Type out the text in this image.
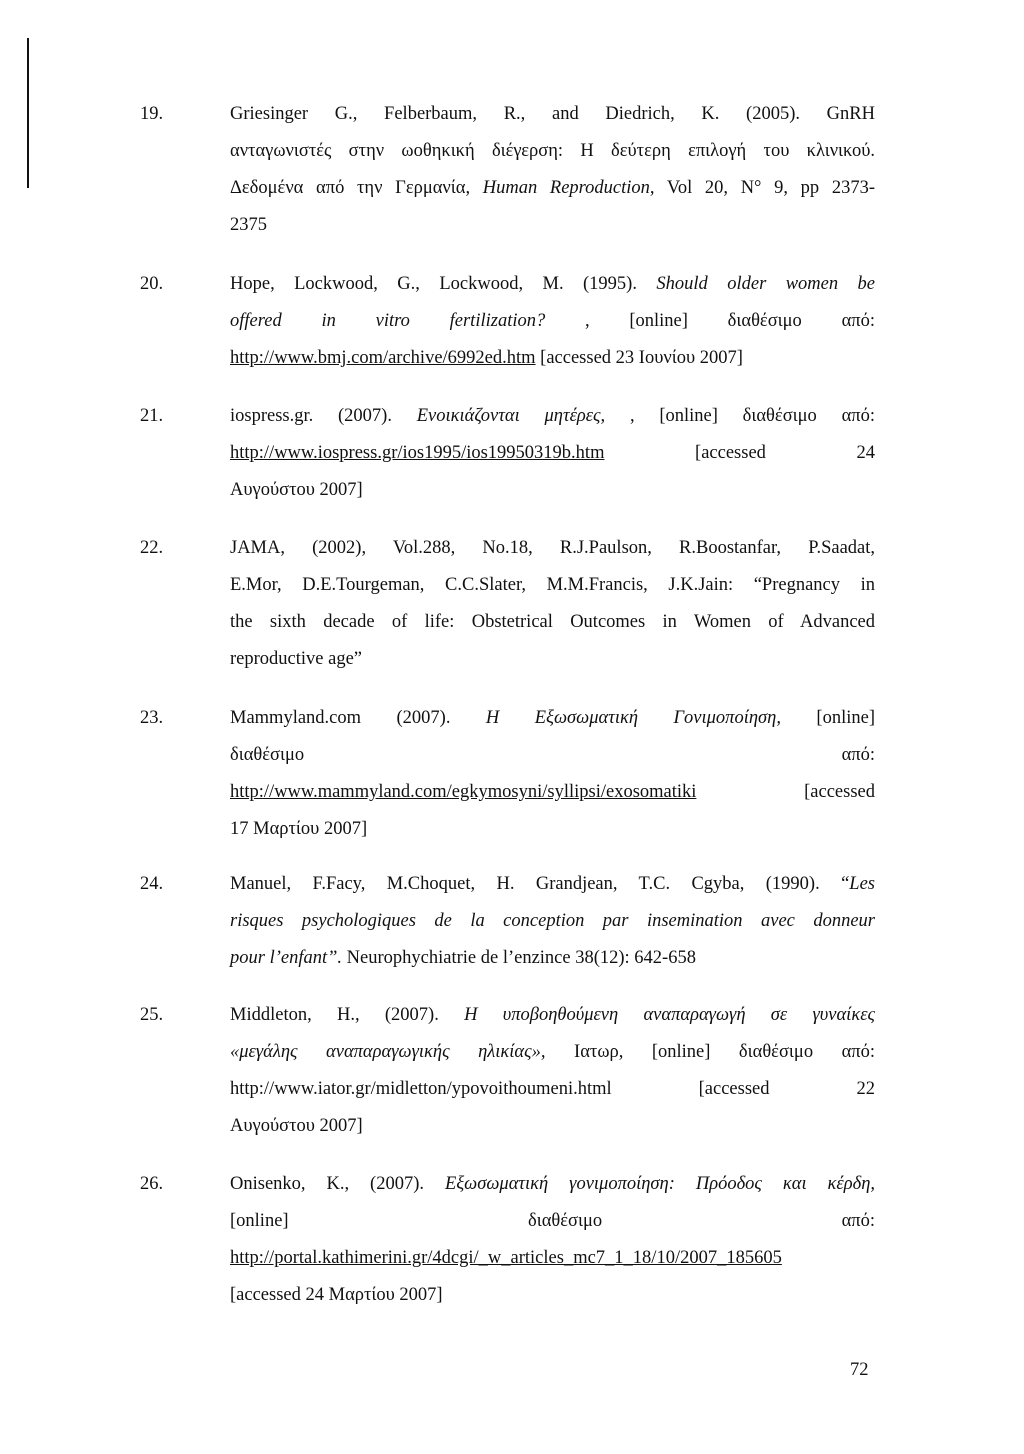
19.	Griesinger G., Felberbaum, R., and Diedrich, K. (2005). GnRH
ανταγωνιστές στην ωοθηκική διέγερση: Η δεύτερη επιλογή του κλινικού.
Δεδομένα από την Γερμανία, Human Reproduction, Vol 20, N° 9, pp 2373-
2375
20.	Hope, Lockwood, G., Lockwood, M. (1995). Should older women be
offered in vitro fertilization? , [online] διαθέσιμο από:
http://www.bmj.com/archive/6992ed.htm [accessed 23 Ιουνίου 2007]
21.	iospress.gr. (2007). Ενοικιάζονται μητέρες, , [online] διαθέσιμο από:
http://www.iospress.gr/ios1995/ios19950319b.htm [accessed 24
Αυγούστου 2007]
22.	JAMA, (2002), Vol.288, No.18, R.J.Paulson, R.Boostanfar, P.Saadat,
E.Mor, D.E.Tourgeman, C.C.Slater, M.M.Francis, J.K.Jain: “Pregnancy in
the sixth decade of life: Obstetrical Outcomes in Women of Advanced
reproductive age”
23.	Mammyland.com (2007). Η Εξωσωματική Γονιμοποίηση, [online]
διαθέσιμο από:
http://www.mammyland.com/egkymosyni/syllipsi/exosomatiki [accessed
17 Μαρτίου 2007]
24.	Manuel, F.Facy, M.Choquet, H. Grandjean, T.C. Cgyba, (1990). “Les
risques psychologiques de la conception par insemination avec donneur
pour l’enfant”. Neurophychiatrie de l’enzince 38(12): 642-658
25.	Middleton, H., (2007). Η υποβοηθούμενη αναπαραγωγή σε γυναίκες
«μεγάλης αναπαραγωγικής ηλικίας», Ιατωρ, [online] διαθέσιμο από:
http://www.iator.gr/midletton/ypovoithoumeni.html [accessed 22
Αυγούστου 2007]
26.	Onisenko, K., (2007). Εξωσωματική γονιμοποίηση: Πρόοδος και κέρδη,
[online] διαθέσιμο από:
http://portal.kathimerini.gr/4dcgi/_w_articles_mc7_1_18/10/2007_185605
[accessed 24 Μαρτίου 2007]
72
